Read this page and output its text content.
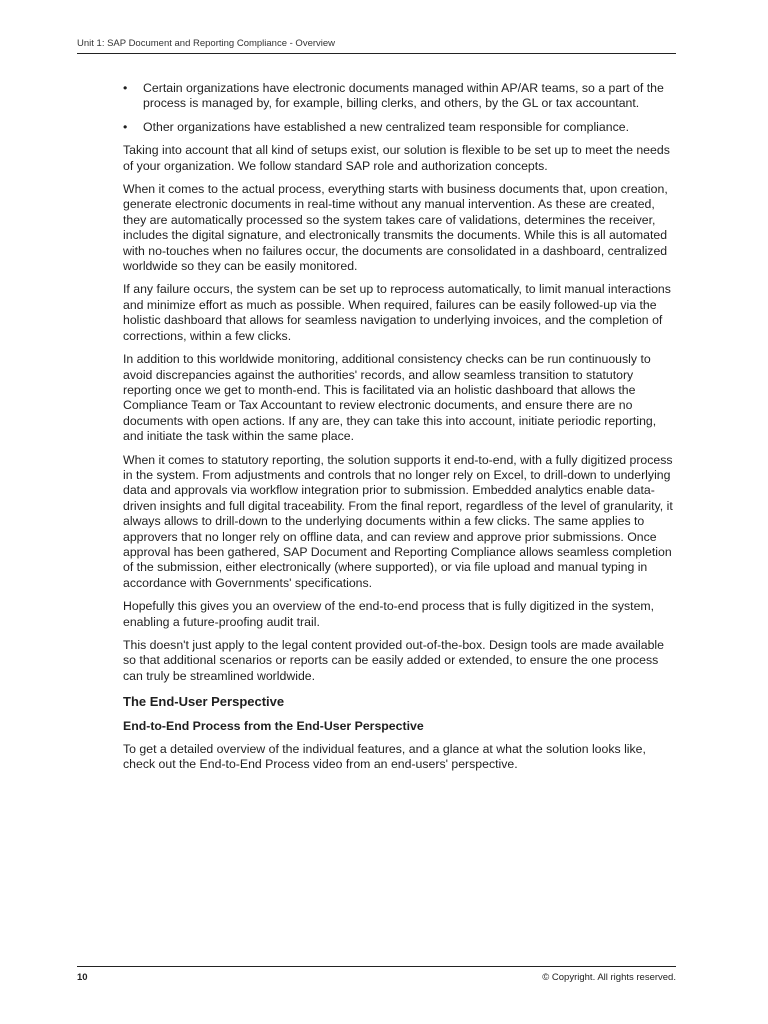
Unit 1: SAP Document and Reporting Compliance - Overview
• Certain organizations have electronic documents managed within AP/AR teams, so a part of the process is managed by, for example, billing clerks, and others, by the GL or tax accountant.
• Other organizations have established a new centralized team responsible for compliance.

Taking into account that all kind of setups exist, our solution is flexible to be set up to meet the needs of your organization. We follow standard SAP role and authorization concepts.

When it comes to the actual process, everything starts with business documents that, upon creation, generate electronic documents in real-time without any manual intervention. As these are created, they are automatically processed so the system takes care of validations, determines the receiver, includes the digital signature, and electronically transmits the documents. While this is all automated with no-touches when no failures occur, the documents are consolidated in a dashboard, centralized worldwide so they can be easily monitored.

If any failure occurs, the system can be set up to reprocess automatically, to limit manual interactions and minimize effort as much as possible. When required, failures can be easily followed-up via the holistic dashboard that allows for seamless navigation to underlying invoices, and the completion of corrections, within a few clicks.

In addition to this worldwide monitoring, additional consistency checks can be run continuously to avoid discrepancies against the authorities' records, and allow seamless transition to statutory reporting once we get to month-end. This is facilitated via an holistic dashboard that allows the Compliance Team or Tax Accountant to review electronic documents, and ensure there are no documents with open actions. If any are, they can take this into account, initiate periodic reporting, and initiate the task within the same place.

When it comes to statutory reporting, the solution supports it end-to-end, with a fully digitized process in the system. From adjustments and controls that no longer rely on Excel, to drill-down to underlying data and approvals via workflow integration prior to submission. Embedded analytics enable data-driven insights and full digital traceability. From the final report, regardless of the level of granularity, it always allows to drill-down to the underlying documents within a few clicks. The same applies to approvers that no longer rely on offline data, and can review and approve prior submissions. Once approval has been gathered, SAP Document and Reporting Compliance allows seamless completion of the submission, either electronically (where supported), or via file upload and manual typing in accordance with Governments' specifications.

Hopefully this gives you an overview of the end-to-end process that is fully digitized in the system, enabling a future-proofing audit trail.

This doesn't just apply to the legal content provided out-of-the-box. Design tools are made available so that additional scenarios or reports can be easily added or extended, to ensure the one process can truly be streamlined worldwide.

The End-User Perspective
End-to-End Process from the End-User Perspective

To get a detailed overview of the individual features, and a glance at what the solution looks like, check out the End-to-End Process video from an end-users' perspective.

10	© Copyright. All rights reserved.
